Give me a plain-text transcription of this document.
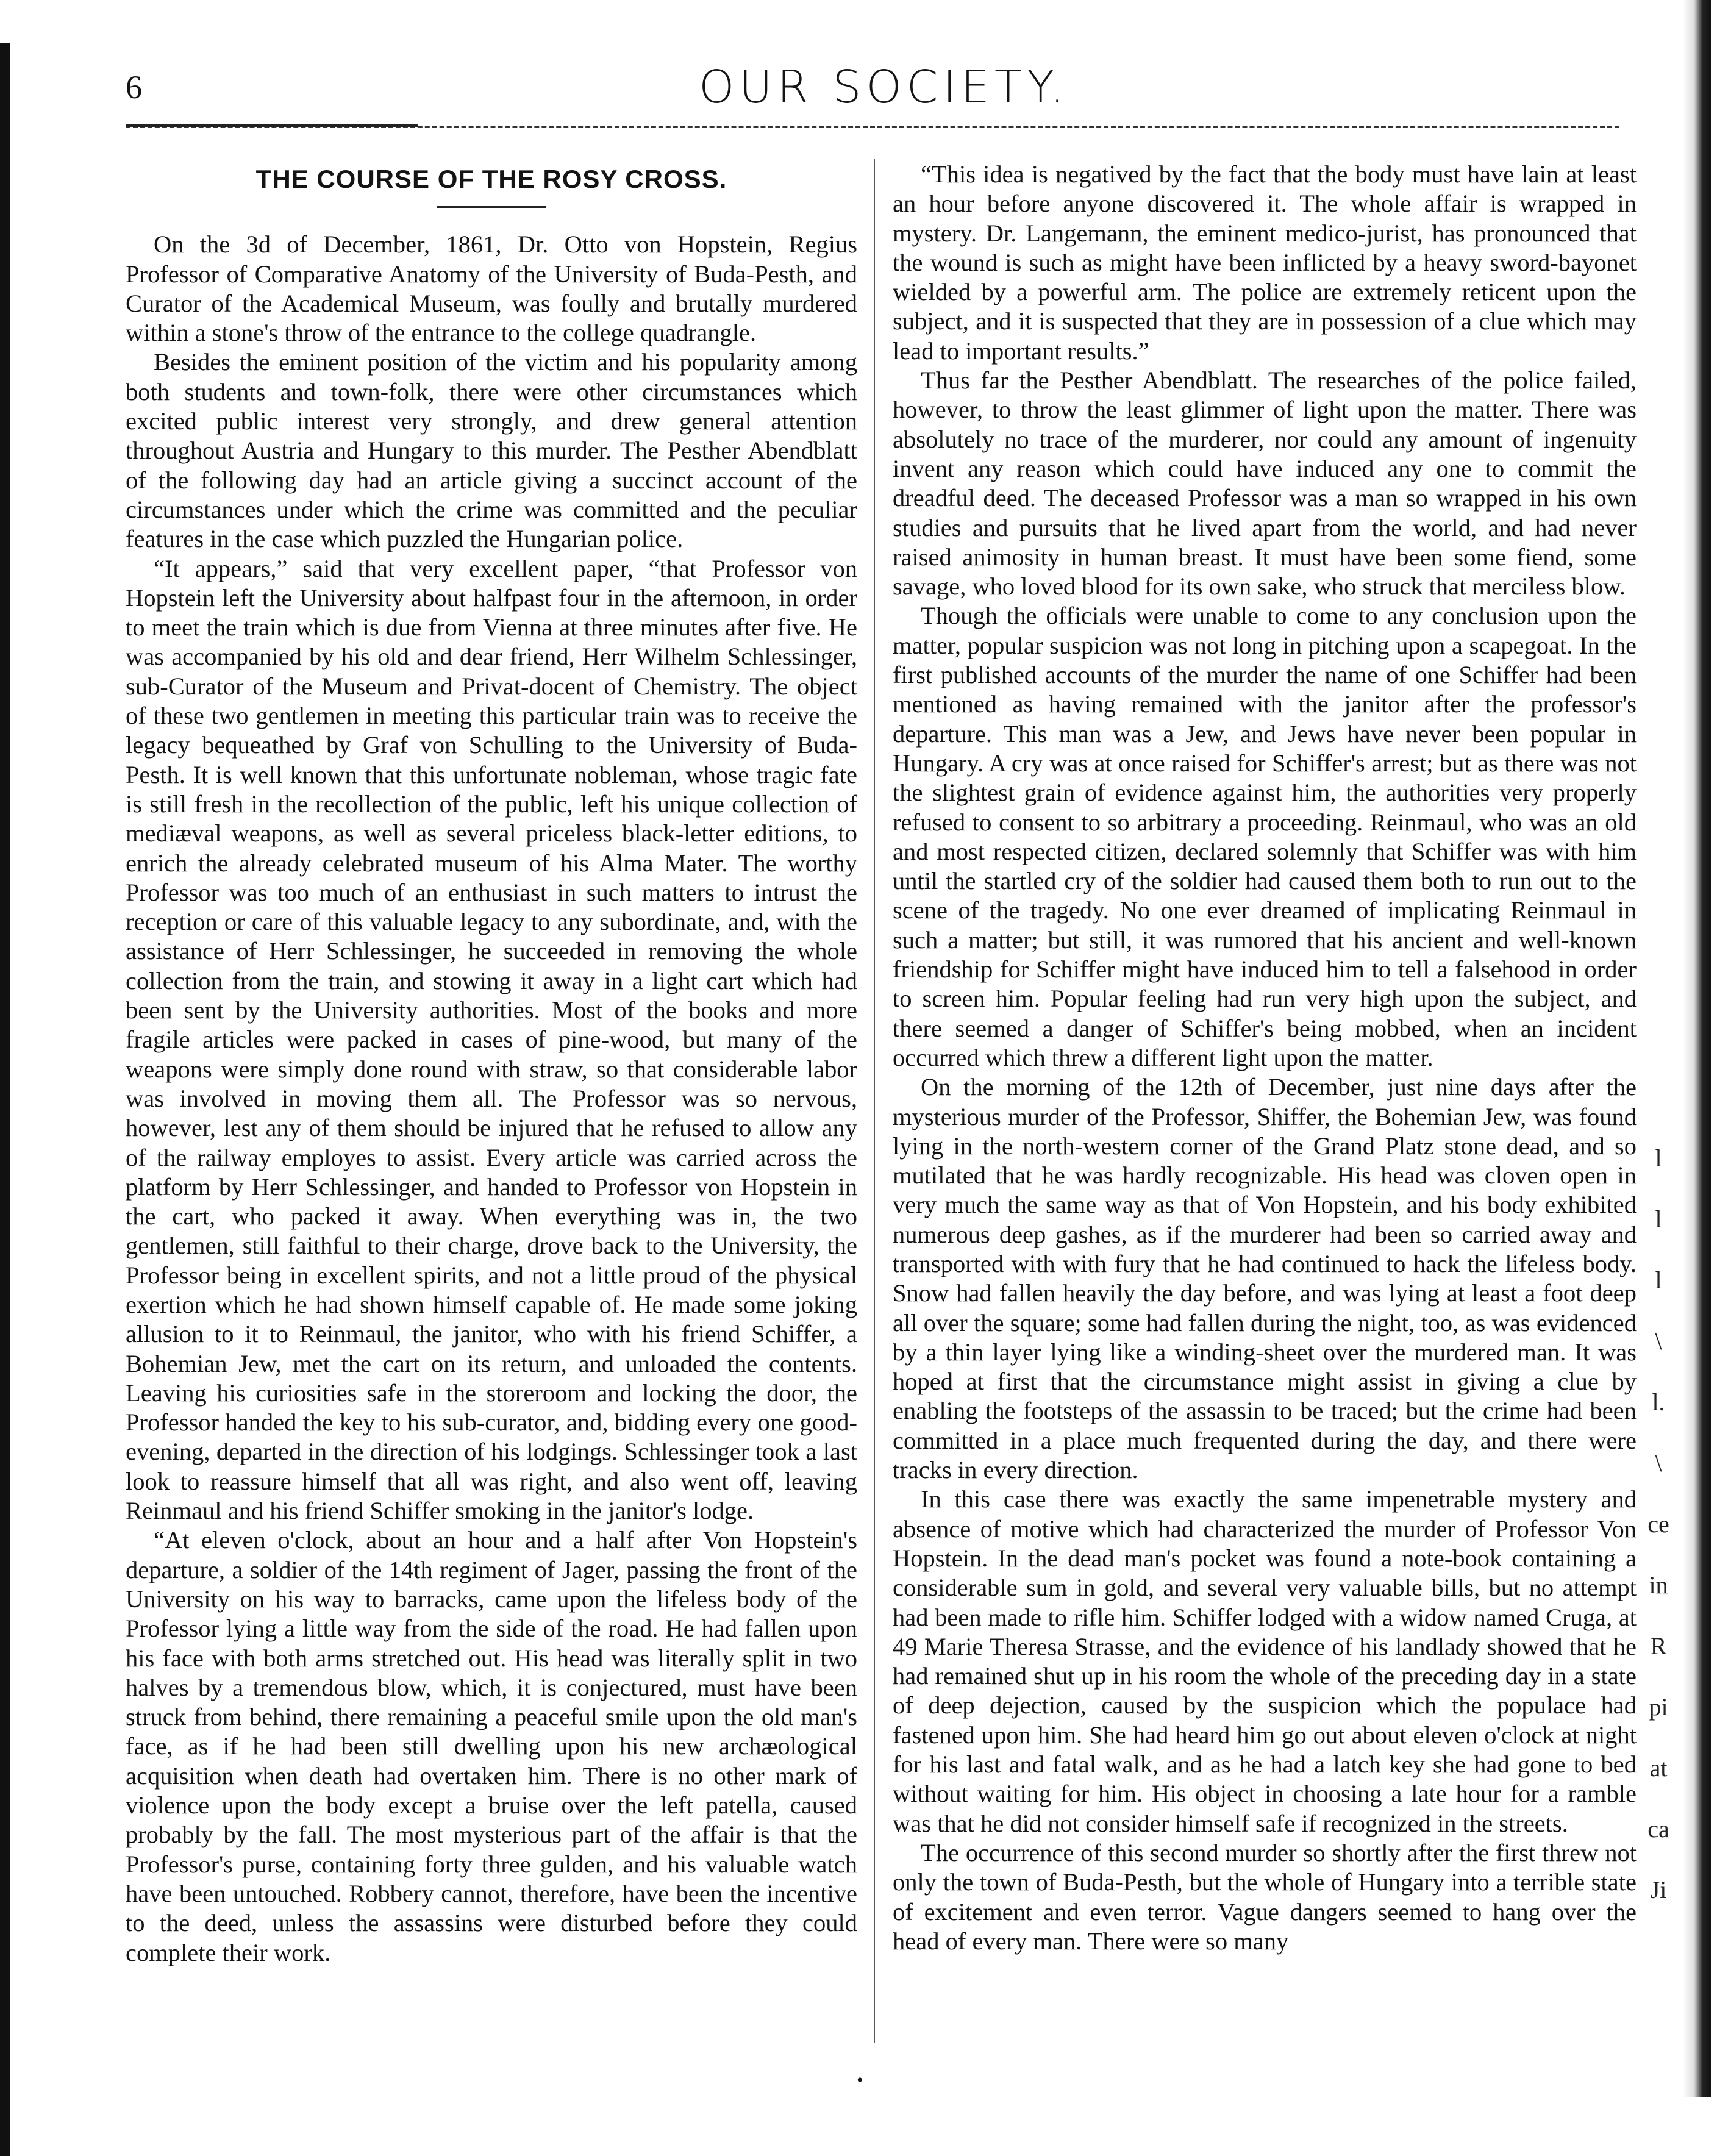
6	OUR SOCIETY.
THE COURSE OF THE ROSY CROSS.

On the 3d of December, 1861, Dr. Otto von Hopstein, Regius Professor of Comparative Anatomy of the University of Buda-Pesth, and Curator of the Academical Museum, was foully and brutally murdered within a stone's throw of the entrance to the college quadrangle.

Besides the eminent position of the victim and his popularity among both students and town-folk, there were other circumstances which excited public interest very strongly, and drew general attention throughout Austria and Hungary to this murder. The Pesther Abendblatt of the following day had an article giving a succinct account of the circumstances under which the crime was committed and the peculiar features in the case which puzzled the Hungarian police.

“It appears,” said that very excellent paper, “that Professor von Hopstein left the University about halfpast four in the afternoon, in order to meet the train which is due from Vienna at three minutes after five. He was accompanied by his old and dear friend, Herr Wilhelm Schlessinger, sub-Curator of the Museum and Privat-docent of Chemistry. The object of these two gentlemen in meeting this particular train was to receive the legacy bequeathed by Graf von Schulling to the University of Buda-Pesth. It is well known that this unfortunate nobleman, whose tragic fate is still fresh in the recollection of the public, left his unique collection of mediæval weapons, as well as several priceless black-letter editions, to enrich the already celebrated museum of his Alma Mater. The worthy Professor was too much of an enthusiast in such matters to intrust the reception or care of this valuable legacy to any subordinate, and, with the assistance of Herr Schlessinger, he succeeded in removing the whole collection from the train, and stowing it away in a light cart which had been sent by the University authorities. Most of the books and more fragile articles were packed in cases of pine-wood, but many of the weapons were simply done round with straw, so that considerable labor was involved in moving them all. The Professor was so nervous, however, lest any of them should be injured that he refused to allow any of the railway employes to assist. Every article was carried across the platform by Herr Schlessinger, and handed to Professor von Hopstein in the cart, who packed it away. When everything was in, the two gentlemen, still faithful to their charge, drove back to the University, the Professor being in excellent spirits, and not a little proud of the physical exertion which he had shown himself capable of. He made some joking allusion to it to Reinmaul, the janitor, who with his friend Schiffer, a Bohemian Jew, met the cart on its return, and unloaded the contents. Leaving his curiosities safe in the storeroom and locking the door, the Professor handed the key to his sub-curator, and, bidding every one good-evening, departed in the direction of his lodgings. Schlessinger took a last look to reassure himself that all was right, and also went off, leaving Reinmaul and his friend Schiffer smoking in the janitor's lodge.

“At eleven o'clock, about an hour and a half after Von Hopstein's departure, a soldier of the 14th regiment of Jager, passing the front of the University on his way to barracks, came upon the lifeless body of the Professor lying a little way from the side of the road. He had fallen upon his face with both arms stretched out. His head was literally split in two halves by a tremendous blow, which, it is conjectured, must have been struck from behind, there remaining a peaceful smile upon the old man's face, as if he had been still dwelling upon his new archæological acquisition when death had overtaken him. There is no other mark of violence upon the body except a bruise over the left patella, caused probably by the fall. The most mysterious part of the affair is that the Professor's purse, containing forty three gulden, and his valuable watch have been untouched. Robbery cannot, therefore, have been the incentive to the deed, unless the assassins were disturbed before they could complete their work.

“This idea is negatived by the fact that the body must have lain at least an hour before anyone discovered it. The whole affair is wrapped in mystery. Dr. Langemann, the eminent medico-jurist, has pronounced that the wound is such as might have been inflicted by a heavy sword-bayonet wielded by a powerful arm. The police are extremely reticent upon the subject, and it is suspected that they are in possession of a clue which may lead to important results.”

Thus far the Pesther Abendblatt. The researches of the police failed, however, to throw the least glimmer of light upon the matter. There was absolutely no trace of the murderer, nor could any amount of ingenuity invent any reason which could have induced any one to commit the dreadful deed. The deceased Professor was a man so wrapped in his own studies and pursuits that he lived apart from the world, and had never raised animosity in human breast. It must have been some fiend, some savage, who loved blood for its own sake, who struck that merciless blow.

Though the officials were unable to come to any conclusion upon the matter, popular suspicion was not long in pitching upon a scapegoat. In the first published accounts of the murder the name of one Schiffer had been mentioned as having remained with the janitor after the professor's departure. This man was a Jew, and Jews have never been popular in Hungary. A cry was at once raised for Schiffer's arrest; but as there was not the slightest grain of evidence against him, the authorities very properly refused to consent to so arbitrary a proceeding. Reinmaul, who was an old and most respected citizen, declared solemnly that Schiffer was with him until the startled cry of the soldier had caused them both to run out to the scene of the tragedy. No one ever dreamed of implicating Reinmaul in such a matter; but still, it was rumored that his ancient and well-known friendship for Schiffer might have induced him to tell a falsehood in order to screen him. Popular feeling had run very high upon the subject, and there seemed a danger of Schiffer's being mobbed, when an incident occurred which threw a different light upon the matter.

On the morning of the 12th of December, just nine days after the mysterious murder of the Professor, Shiffer, the Bohemian Jew, was found lying in the north-western corner of the Grand Platz stone dead, and so mutilated that he was hardly recognizable. His head was cloven open in very much the same way as that of Von Hopstein, and his body exhibited numerous deep gashes, as if the murderer had been so carried away and transported with with fury that he had continued to hack the lifeless body. Snow had fallen heavily the day before, and was lying at least a foot deep all over the square; some had fallen during the night, too, as was evidenced by a thin layer lying like a winding-sheet over the murdered man. It was hoped at first that the circumstance might assist in giving a clue by enabling the footsteps of the assassin to be traced; but the crime had been committed in a place much frequented during the day, and there were tracks in every direction.

In this case there was exactly the same impenetrable mystery and absence of motive which had characterized the murder of Professor Von Hopstein. In the dead man's pocket was found a note-book containing a considerable sum in gold, and several very valuable bills, but no attempt had been made to rifle him. Schiffer lodged with a widow named Cruga, at 49 Marie Theresa Strasse, and the evidence of his landlady showed that he had remained shut up in his room the whole of the preceding day in a state of deep dejection, caused by the suspicion which the populace had fastened upon him. She had heard him go out about eleven o'clock at night for his last and fatal walk, and as he had a latch key she had gone to bed without waiting for him. His object in choosing a late hour for a ramble was that he did not consider himself safe if recognized in the streets.

The occurrence of this second murder so shortly after the first threw not only the town of Buda-Pesth, but the whole of Hungary into a terrible state of excitement and even terror. Vague dangers seemed to hang over the head of every man. There were so many

l
l
l
\
l.
\
ce
in
R
pi
at
ca
Ji
•
